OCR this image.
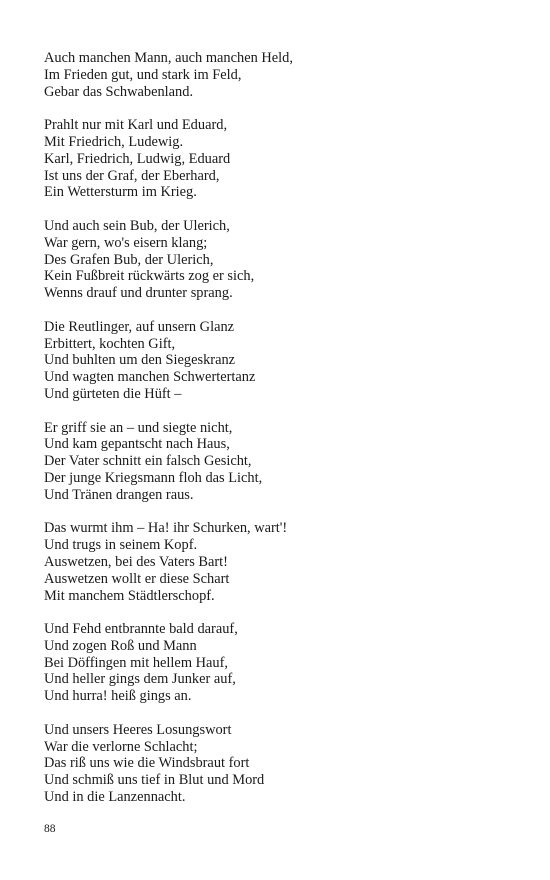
Auch manchen Mann, auch manchen Held,
Im Frieden gut, und stark im Feld,
Gebar das Schwabenland.
Prahlt nur mit Karl und Eduard,
Mit Friedrich, Ludewig.
Karl, Friedrich, Ludwig, Eduard
Ist uns der Graf, der Eberhard,
Ein Wettersturm im Krieg.
Und auch sein Bub, der Ulerich,
War gern, wo's eisern klang;
Des Grafen Bub, der Ulerich,
Kein Fußbreit rückwärts zog er sich,
Wenns drauf und drunter sprang.
Die Reutlinger, auf unsern Glanz
Erbittert, kochten Gift,
Und buhlten um den Siegeskranz
Und wagten manchen Schwertertanz
Und gürteten die Hüft –
Er griff sie an – und siegte nicht,
Und kam gepantscht nach Haus,
Der Vater schnitt ein falsch Gesicht,
Der junge Kriegsmann floh das Licht,
Und Tränen drangen raus.
Das wurmt ihm – Ha! ihr Schurken, wart'!
Und trugs in seinem Kopf.
Auswetzen, bei des Vaters Bart!
Auswetzen wollt er diese Schart
Mit manchem Städtlerschopf.
Und Fehd entbrannte bald darauf,
Und zogen Roß und Mann
Bei Döffingen mit hellem Hauf,
Und heller gings dem Junker auf,
Und hurra! heiß gings an.
Und unsers Heeres Losungswort
War die verlorne Schlacht;
Das riß uns wie die Windsbraut fort
Und schmiß uns tief in Blut und Mord
Und in die Lanzennacht.
88
